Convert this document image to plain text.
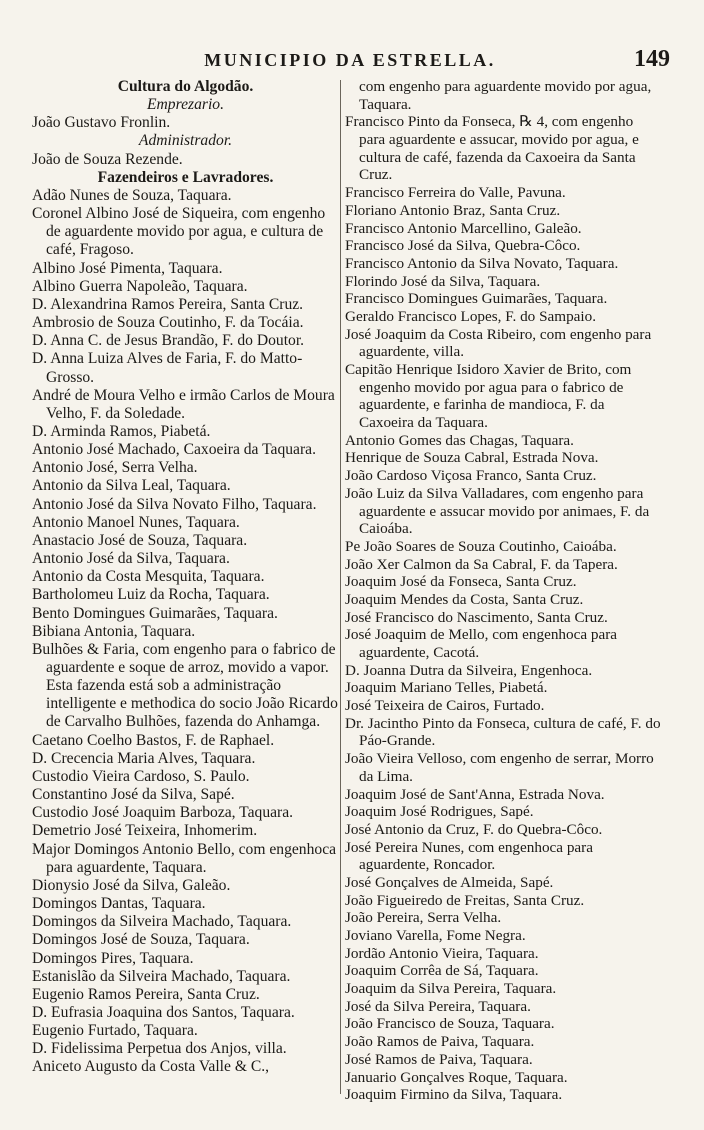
MUNICIPIO DA ESTRELLA.	149
Cultura do Algodão.
Emprezario.
João Gustavo Fronlin.
Administrador.
João de Souza Rezende.
Fazendeiros e Lavradores.
Adão Nunes de Souza, Taquara.
Coronel Albino José de Siqueira, com engenho de aguardente movido por agua, e cultura de café, Fragoso.
Albino José Pimenta, Taquara.
Albino Guerra Napoleão, Taquara.
D. Alexandrina Ramos Pereira, Santa Cruz.
Ambrosio de Souza Coutinho, F. da Tocáia.
D. Anna C. de Jesus Brandão, F. do Doutor.
D. Anna Luiza Alves de Faria, F. do Matto-Grosso.
André de Moura Velho e irmão Carlos de Moura Velho, F. da Soledade.
D. Arminda Ramos, Piabetá.
Antonio José Machado, Caxoeira da Taquara.
Antonio José, Serra Velha.
Antonio da Silva Leal, Taquara.
Antonio José da Silva Novato Filho, Taquara.
Antonio Manoel Nunes, Taquara.
Anastacio José de Souza, Taquara.
Antonio José da Silva, Taquara.
Antonio da Costa Mesquita, Taquara.
Bartholomeu Luiz da Rocha, Taquara.
Bento Domingues Guimarães, Taquara.
Bibiana Antonia, Taquara.
Bulhões & Faria, com engenho para o fabrico de aguardente e soque de arroz, movido a vapor. Esta fazenda está sob a administração intelligente e methodica do socio João Ricardo de Carvalho Bulhões, fazenda do Anhamga.
Caetano Coelho Bastos, F. de Raphael.
D. Crecencia Maria Alves, Taquara.
Custodio Vieira Cardoso, S. Paulo.
Constantino José da Silva, Sapé.
Custodio José Joaquim Barboza, Taquara.
Demetrio José Teixeira, Inhomerim.
Major Domingos Antonio Bello, com engenhoca para aguardente, Taquara.
Dionysio José da Silva, Galeão.
Domingos Dantas, Taquara.
Domingos da Silveira Machado, Taquara.
Domingos José de Souza, Taquara.
Domingos Pires, Taquara.
Estanislão da Silveira Machado, Taquara.
Eugenio Ramos Pereira, Santa Cruz.
D. Eufrasia Joaquina dos Santos, Taquara.
Eugenio Furtado, Taquara.
D. Fidelissima Perpetua dos Anjos, villa.
Aniceto Augusto da Costa Valle & C.,
com engenho para aguardente movido por agua, Taquara.
Francisco Pinto da Fonseca, ℞ 4, com engenho para aguardente e assucar, movido por agua, e cultura de café, fazenda da Caxoeira da Santa Cruz.
Francisco Ferreira do Valle, Pavuna.
Floriano Antonio Braz, Santa Cruz.
Francisco Antonio Marcellino, Galeão.
Francisco José da Silva, Quebra-Côco.
Francisco Antonio da Silva Novato, Taquara.
Florindo José da Silva, Taquara.
Francisco Domingues Guimarães, Taquara.
Geraldo Francisco Lopes, F. do Sampaio.
José Joaquim da Costa Ribeiro, com engenho para aguardente, villa.
Capitão Henrique Isidoro Xavier de Brito, com engenho movido por agua para o fabrico de aguardente, e farinha de mandioca, F. da Caxoeira da Taquara.
Antonio Gomes das Chagas, Taquara.
Henrique de Souza Cabral, Estrada Nova.
João Cardoso Viçosa Franco, Santa Cruz.
João Luiz da Silva Valladares, com engenho para aguardente e assucar movido por animaes, F. da Caioába.
Pe João Soares de Souza Coutinho, Caioába.
João Xer Calmon da Sa Cabral, F. da Tapera.
Joaquim José da Fonseca, Santa Cruz.
Joaquim Mendes da Costa, Santa Cruz.
José Francisco do Nascimento, Santa Cruz.
José Joaquim de Mello, com engenhoca para aguardente, Cacotá.
D. Joanna Dutra da Silveira, Engenhoca.
Joaquim Mariano Telles, Piabetá.
José Teixeira de Cairos, Furtado.
Dr. Jacintho Pinto da Fonseca, cultura de café, F. do Páo-Grande.
João Vieira Velloso, com engenho de serrar, Morro da Lima.
Joaquim José de Sant'Anna, Estrada Nova.
Joaquim José Rodrigues, Sapé.
José Antonio da Cruz, F. do Quebra-Côco.
José Pereira Nunes, com engenhoca para aguardente, Roncador.
José Gonçalves de Almeida, Sapé.
João Figueiredo de Freitas, Santa Cruz.
João Pereira, Serra Velha.
Joviano Varella, Fome Negra.
Jordão Antonio Vieira, Taquara.
Joaquim Corrêa de Sá, Taquara.
Joaquim da Silva Pereira, Taquara.
José da Silva Pereira, Taquara.
João Francisco de Souza, Taquara.
João Ramos de Paiva, Taquara.
José Ramos de Paiva, Taquara.
Januario Gonçalves Roque, Taquara.
Joaquim Firmino da Silva, Taquara.
